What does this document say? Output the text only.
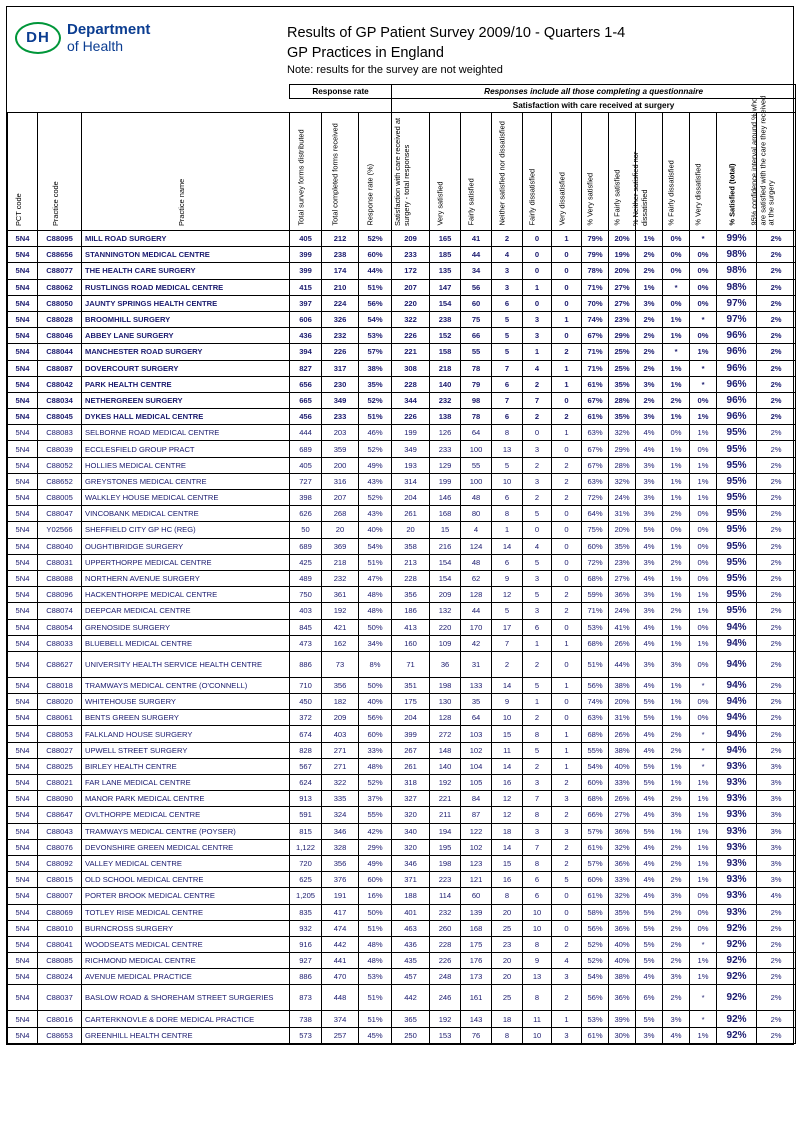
DH	Department
of Health
Results of GP Patient Survey 2009/10 - Quarters 1-4
GP Practices in England
Note: results for the survey are not weighted
			Response rate			Responses include all those completing a questionnaire												
						Satisfaction with care received at surgery												

PCT code	Practice code	Practice name	Total survey forms distributed	Total completed forms received	Response rate (%)	Satisfaction with care received at surgery - total responses	Very satisfied	Fairly satisfied	Neither satisfied nor dissatisfied	Fairly dissatisfied	Very dissatisfied	% Very satisfied	% Fairly satisfied	% Neither satisfied nor dissatisfied	% Fairly dissatisfied	% Very dissatisfied	% Satisfied (total)	95% confidence interval around % who are satisfied with the care they received at the surgery

5N4	C88095	MILL ROAD SURGERY	405	212	52%	209	165	41	2	0	1	79%	20%	1%	0%	*	99%	2%
5N4	C88656	STANNINGTON MEDICAL CENTRE	399	238	60%	233	185	44	4	0	0	79%	19%	2%	0%	0%	98%	2%
5N4	C88077	THE HEALTH CARE SURGERY	399	174	44%	172	135	34	3	0	0	78%	20%	2%	0%	0%	98%	2%
5N4	C88062	RUSTLINGS ROAD MEDICAL CENTRE	415	210	51%	207	147	56	3	1	0	71%	27%	1%	*	0%	98%	2%
5N4	C88050	JAUNTY SPRINGS HEALTH CENTRE	397	224	56%	220	154	60	6	0	0	70%	27%	3%	0%	0%	97%	2%
5N4	C88028	BROOMHILL SURGERY	606	326	54%	322	238	75	5	3	1	74%	23%	2%	1%	*	97%	2%
5N4	C88046	ABBEY LANE SURGERY	436	232	53%	226	152	66	5	3	0	67%	29%	2%	1%	0%	96%	2%
5N4	C88044	MANCHESTER ROAD SURGERY	394	226	57%	221	158	55	5	1	2	71%	25%	2%	*	1%	96%	2%
5N4	C88087	DOVERCOURT SURGERY	827	317	38%	308	218	78	7	4	1	71%	25%	2%	1%	*	96%	2%
5N4	C88042	PARK HEALTH CENTRE	656	230	35%	228	140	79	6	2	1	61%	35%	3%	1%	*	96%	2%
5N4	C88034	NETHERGREEN SURGERY	665	349	52%	344	232	98	7	7	0	67%	28%	2%	2%	0%	96%	2%
5N4	C88045	DYKES HALL MEDICAL CENTRE	456	233	51%	226	138	78	6	2	2	61%	35%	3%	1%	1%	96%	2%
5N4	C88083	SELBORNE ROAD MEDICAL CENTRE	444	203	46%	199	126	64	8	0	1	63%	32%	4%	0%	1%	95%	2%
5N4	C88039	ECCLESFIELD GROUP PRACT	689	359	52%	349	233	100	13	3	0	67%	29%	4%	1%	0%	95%	2%
5N4	C88052	HOLLIES MEDICAL CENTRE	405	200	49%	193	129	55	5	2	2	67%	28%	3%	1%	1%	95%	2%
5N4	C88652	GREYSTONES MEDICAL CENTRE	727	316	43%	314	199	100	10	3	2	63%	32%	3%	1%	1%	95%	2%
5N4	C88005	WALKLEY HOUSE MEDICAL CENTRE	398	207	52%	204	146	48	6	2	2	72%	24%	3%	1%	1%	95%	2%
5N4	C88047	VINCOBANK MEDICAL CENTRE	626	268	43%	261	168	80	8	5	0	64%	31%	3%	2%	0%	95%	2%
5N4	Y02566	SHEFFIELD CITY GP HC (REG)	50	20	40%	20	15	4	1	0	0	75%	20%	5%	0%	0%	95%	2%
5N4	C88040	OUGHTIBRIDGE SURGERY	689	369	54%	358	216	124	14	4	0	60%	35%	4%	1%	0%	95%	2%
5N4	C88031	UPPERTHORPE MEDICAL CENTRE	425	218	51%	213	154	48	6	5	0	72%	23%	3%	2%	0%	95%	2%
5N4	C88088	NORTHERN AVENUE SURGERY	489	232	47%	228	154	62	9	3	0	68%	27%	4%	1%	0%	95%	2%
5N4	C88096	HACKENTHORPE MEDICAL CENTRE	750	361	48%	356	209	128	12	5	2	59%	36%	3%	1%	1%	95%	2%
5N4	C88074	DEEPCAR MEDICAL CENTRE	403	192	48%	186	132	44	5	3	2	71%	24%	3%	2%	1%	95%	2%
5N4	C88054	GRENOSIDE SURGERY	845	421	50%	413	220	170	17	6	0	53%	41%	4%	1%	0%	94%	2%
5N4	C88033	BLUEBELL MEDICAL CENTRE	473	162	34%	160	109	42	7	1	1	68%	26%	4%	1%	1%	94%	2%
5N4	C88627	UNIVERSITY HEALTH SERVICE HEALTH CENTRE	886	73	8%	71	36	31	2	2	0	51%	44%	3%	3%	0%	94%	2%
5N4	C88018	TRAMWAYS MEDICAL CENTRE (O'CONNELL)	710	356	50%	351	198	133	14	5	1	56%	38%	4%	1%	*	94%	2%
5N4	C88020	WHITEHOUSE SURGERY	450	182	40%	175	130	35	9	1	0	74%	20%	5%	1%	0%	94%	2%
5N4	C88061	BENTS GREEN SURGERY	372	209	56%	204	128	64	10	2	0	63%	31%	5%	1%	0%	94%	2%
5N4	C88053	FALKLAND HOUSE SURGERY	674	403	60%	399	272	103	15	8	1	68%	26%	4%	2%	*	94%	2%
5N4	C88027	UPWELL STREET SURGERY	828	271	33%	267	148	102	11	5	1	55%	38%	4%	2%	*	94%	2%
5N4	C88025	BIRLEY HEALTH CENTRE	567	271	48%	261	140	104	14	2	1	54%	40%	5%	1%	*	93%	3%
5N4	C88021	FAR LANE MEDICAL CENTRE	624	322	52%	318	192	105	16	3	2	60%	33%	5%	1%	1%	93%	3%
5N4	C88090	MANOR PARK MEDICAL CENTRE	913	335	37%	327	221	84	12	7	3	68%	26%	4%	2%	1%	93%	3%
5N4	C88647	OVLTHORPE MEDICAL CENTRE	591	324	55%	320	211	87	12	8	2	66%	27%	4%	3%	1%	93%	3%
5N4	C88043	TRAMWAYS MEDICAL CENTRE (POYSER)	815	346	42%	340	194	122	18	3	3	57%	36%	5%	1%	1%	93%	3%
5N4	C88076	DEVONSHIRE GREEN MEDICAL CENTRE	1,122	328	29%	320	195	102	14	7	2	61%	32%	4%	2%	1%	93%	3%
5N4	C88092	VALLEY MEDICAL CENTRE	720	356	49%	346	198	123	15	8	2	57%	36%	4%	2%	1%	93%	3%
5N4	C88015	OLD SCHOOL MEDICAL CENTRE	625	376	60%	371	223	121	16	6	5	60%	33%	4%	2%	1%	93%	3%
5N4	C88007	PORTER BROOK MEDICAL CENTRE	1,205	191	16%	188	114	60	8	6	0	61%	32%	4%	3%	0%	93%	4%
5N4	C88069	TOTLEY RISE MEDICAL CENTRE	835	417	50%	401	232	139	20	10	0	58%	35%	5%	2%	0%	93%	2%
5N4	C88010	BURNCROSS SURGERY	932	474	51%	463	260	168	25	10	0	56%	36%	5%	2%	0%	92%	2%
5N4	C88041	WOODSEATS MEDICAL CENTRE	916	442	48%	436	228	175	23	8	2	52%	40%	5%	2%	*	92%	2%
5N4	C88085	RICHMOND MEDICAL CENTRE	927	441	48%	435	226	176	20	9	4	52%	40%	5%	2%	1%	92%	2%
5N4	C88024	AVENUE MEDICAL PRACTICE	886	470	53%	457	248	173	20	13	3	54%	38%	4%	3%	1%	92%	2%
5N4	C88037	BASLOW ROAD & SHOREHAM STREET SURGERIES	873	448	51%	442	246	161	25	8	2	56%	36%	6%	2%	*	92%	2%
5N4	C88016	CARTERKNOVLE & DORE MEDICAL PRACTICE	738	374	51%	365	192	143	18	11	1	53%	39%	5%	3%	*	92%	2%
5N4	C88653	GREENHILL HEALTH CENTRE	573	257	45%	250	153	76	8	10	3	61%	30%	3%	4%	1%	92%	2%
